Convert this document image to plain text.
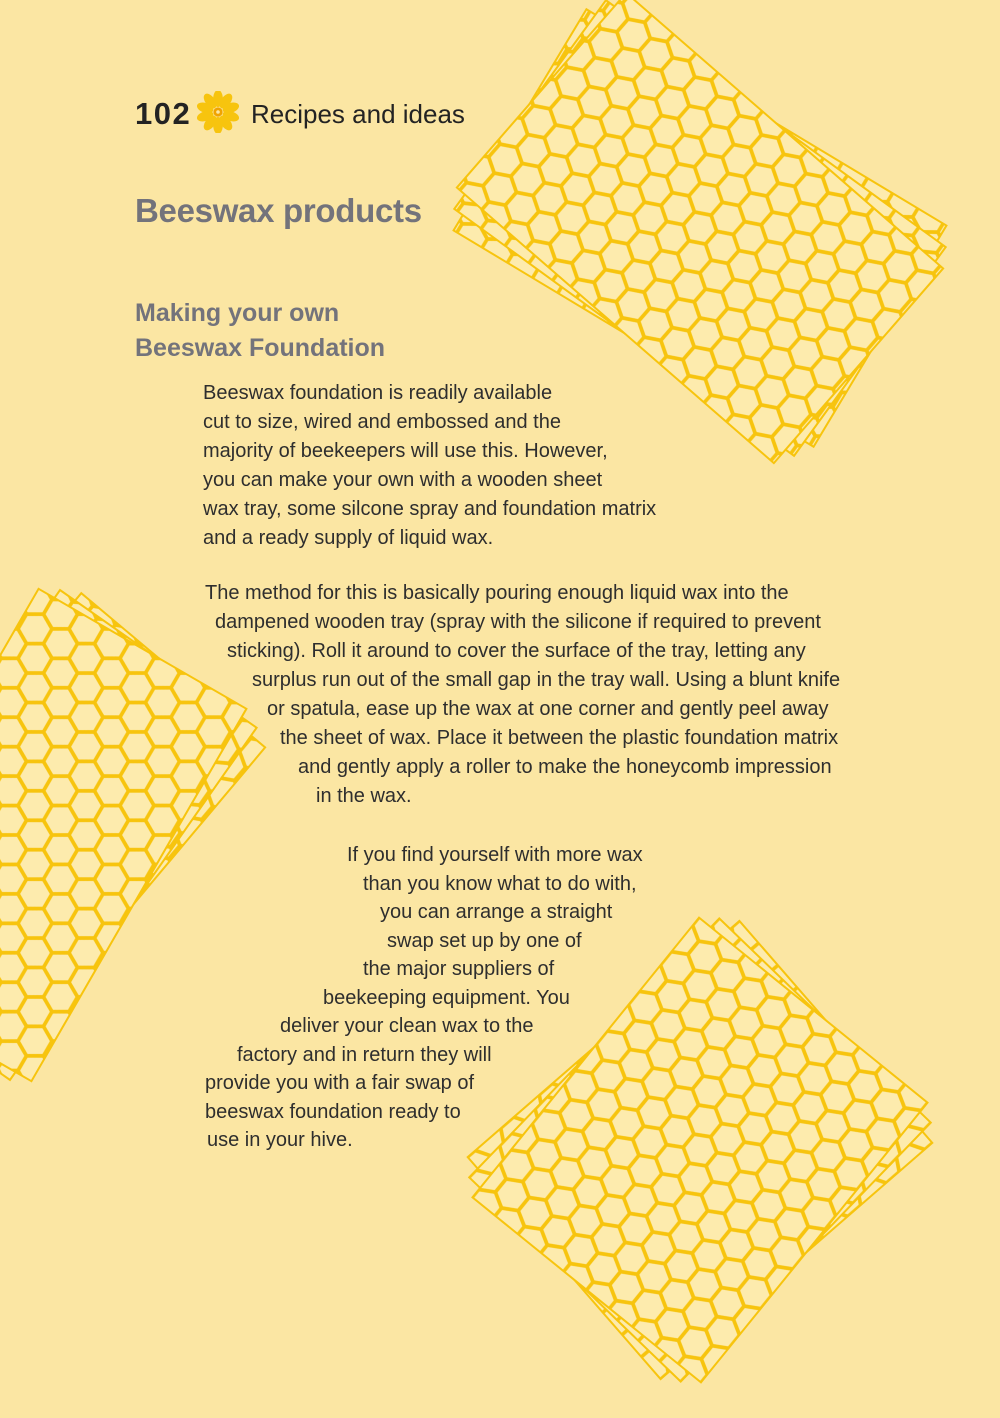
102 Recipes and ideas
Beeswax products
Making your own
Beeswax Foundation
Beeswax foundation is readily available
cut to size, wired and embossed and the
majority of beekeepers will use this. However,
you can make your own with a wooden sheet
wax tray, some silcone spray and foundation matrix
and a ready supply of liquid wax.
The method for this is basically pouring enough liquid wax into the
dampened wooden tray (spray with the silicone if required to prevent
sticking). Roll it around to cover the surface of the tray, letting any
surplus run out of the small gap in the tray wall. Using a blunt knife
or spatula, ease up the wax at one corner and gently peel away
the sheet of wax. Place it between the plastic foundation matrix
and gently apply a roller to make the honeycomb impression
in the wax.
If you find yourself with more wax
than you know what to do with,
you can arrange a straight
swap set up by one of
the major suppliers of
beekeeping equipment. You
deliver your clean wax to the
factory and in return they will
provide you with a fair swap of
beeswax foundation ready to
use in your hive.
